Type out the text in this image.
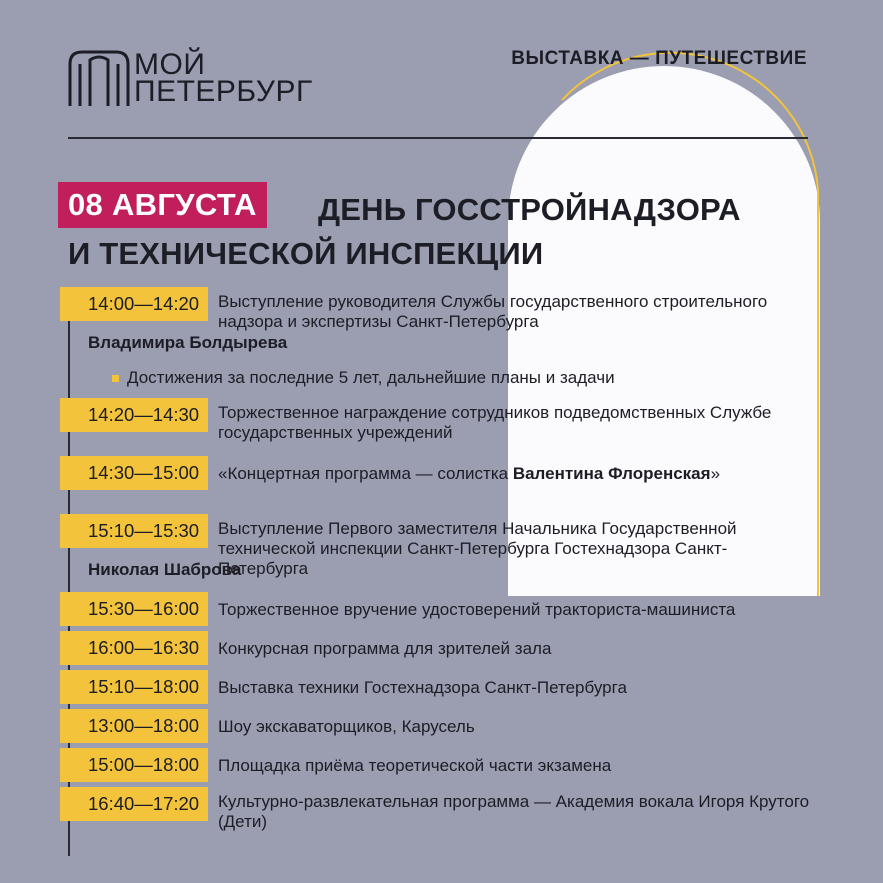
МОЙ
ПЕТЕРБУРГ
ВЫСТАВКА — ПУТЕШЕСТВИЕ
ДЕНЬ ГОССТРОЙНАДЗОРА
И ТЕХНИЧЕСКОЙ ИНСПЕКЦИИ
08 АВГУСТА
14:00—14:20	Выступление руководителя Службы государственного строительного надзора и экспертизы Санкт-Петербурга
Владимира Болдырева
Достижения за последние 5 лет, дальнейшие планы и задачи
14:20—14:30	Торжественное награждение сотрудников подведомственных Службе государственных учреждений
14:30—15:00	«Концертная программа — солистка Валентина Флоренская»
15:10—15:30	Выступление Первого заместителя Начальника Государственной технической инспекции Санкт-Петербурга Гостехнадзора Санкт-Петербурга
Николая Шаброва
15:30—16:00	Торжественное вручение удостоверений тракториста-машиниста
16:00—16:30	Конкурсная программа для зрителей зала
15:10—18:00	Выставка техники Гостехнадзора Санкт-Петербурга
13:00—18:00	Шоу экскаваторщиков, Карусель
15:00—18:00	Площадка приёма теоретической части экзамена
16:40—17:20	Культурно-развлекательная программа — Академия вокала Игоря Крутого (Дети)
